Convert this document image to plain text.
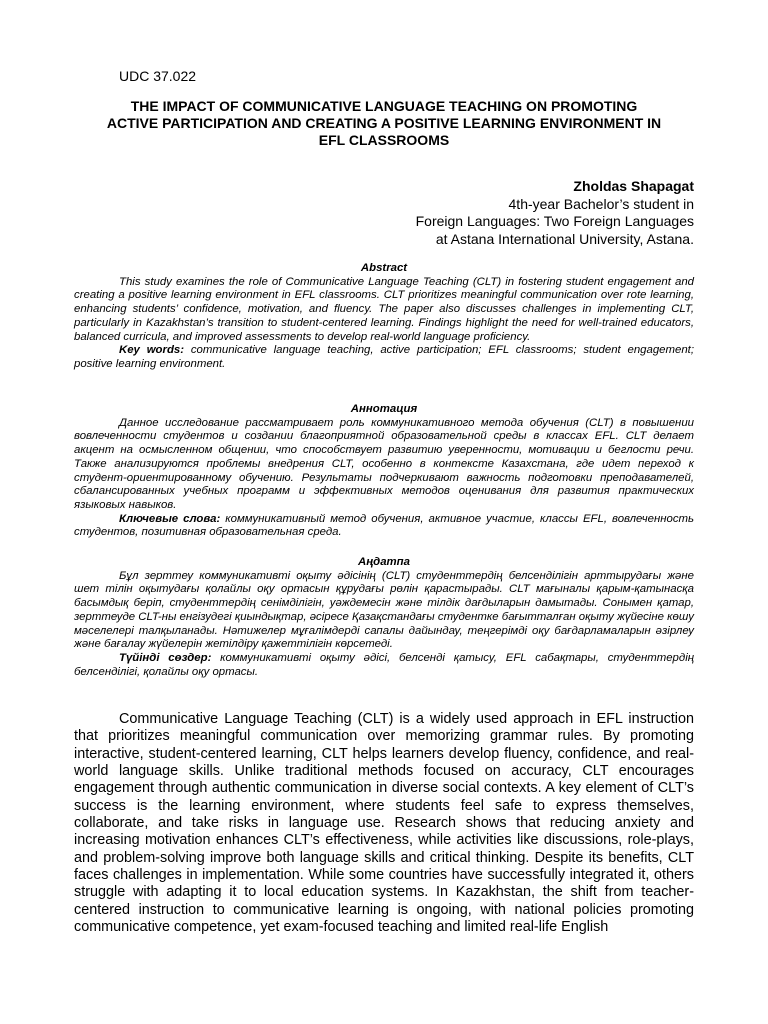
UDC 37.022
THE IMPACT OF COMMUNICATIVE LANGUAGE TEACHING ON PROMOTING
ACTIVE PARTICIPATION AND CREATING A POSITIVE LEARNING ENVIRONMENT IN
EFL CLASSROOMS
Zholdas Shapagat
4th-year Bachelor’s student in
Foreign Languages: Two Foreign Languages
at Astana International University, Astana.
Abstract

This study examines the role of Communicative Language Teaching (CLT) in fostering student engagement and creating a positive learning environment in EFL classrooms. CLT prioritizes meaningful communication over rote learning, enhancing students’ confidence, motivation, and fluency. The paper also discusses challenges in implementing CLT, particularly in Kazakhstan’s transition to student-centered learning. Findings highlight the need for well-trained educators, balanced curricula, and improved assessments to develop real-world language proficiency.

Key words: communicative language teaching, active participation; EFL classrooms; student engagement; positive learning environment.

Аннотация

Данное исследование рассматривает роль коммуникативного метода обучения (CLT) в повышении вовлеченности студентов и создании благоприятной образовательной среды в классах EFL. CLT делает акцент на осмысленном общении, что способствует развитию уверенности, мотивации и беглости речи. Также анализируются проблемы внедрения CLT, особенно в контексте Казахстана, где идет переход к студент-ориентированному обучению. Результаты подчеркивают важность подготовки преподавателей, сбалансированных учебных программ и эффективных методов оценивания для развития практических языковых навыков.

Ключевые слова: коммуникативный метод обучения, активное участие, классы EFL, вовлеченность студентов, позитивная образовательная среда.

Аңдатпа

Бұл зерттеу коммуникативті оқыту әдісінің (CLT) студенттердің белсенділігін арттырудағы және шет тілін оқытудағы қолайлы оқу ортасын құрудағы рөлін қарастырады. CLT мағыналы қарым-қатынасқа басымдық беріп, студенттердің сенімділігін, уәждемесін және тілдік дағдыларын дамытады. Сонымен қатар, зерттеуде CLT-ны енгізудегі қиындықтар, әсіресе Қазақстандағы студентке бағытталған оқыту жүйесіне көшу мәселелері талқыланады. Нәтижелер мұғалімдерді сапалы дайындау, теңгерімді оқу бағдарламаларын әзірлеу және бағалау жүйелерін жетілдіру қажеттілігін көрсетеді.

Түйінді сөздер: коммуникативті оқыту әдісі, белсенді қатысу, EFL сабақтары, студенттердің белсенділігі, қолайлы оқу ортасы.

Communicative Language Teaching (CLT) is a widely used approach in EFL instruction that prioritizes meaningful communication over memorizing grammar rules. By promoting interactive, student-centered learning, CLT helps learners develop fluency, confidence, and real-world language skills. Unlike traditional methods focused on accuracy, CLT encourages engagement through authentic communication in diverse social contexts. A key element of CLT’s success is the learning environment, where students feel safe to express themselves, collaborate, and take risks in language use. Research shows that reducing anxiety and increasing motivation enhances CLT’s effectiveness, while activities like discussions, role-plays, and problem-solving improve both language skills and critical thinking. Despite its benefits, CLT faces challenges in implementation. While some countries have successfully integrated it, others struggle with adapting it to local education systems. In Kazakhstan, the shift from teacher-centered instruction to communicative learning is ongoing, with national policies promoting communicative competence, yet exam-focused teaching and limited real-life English
